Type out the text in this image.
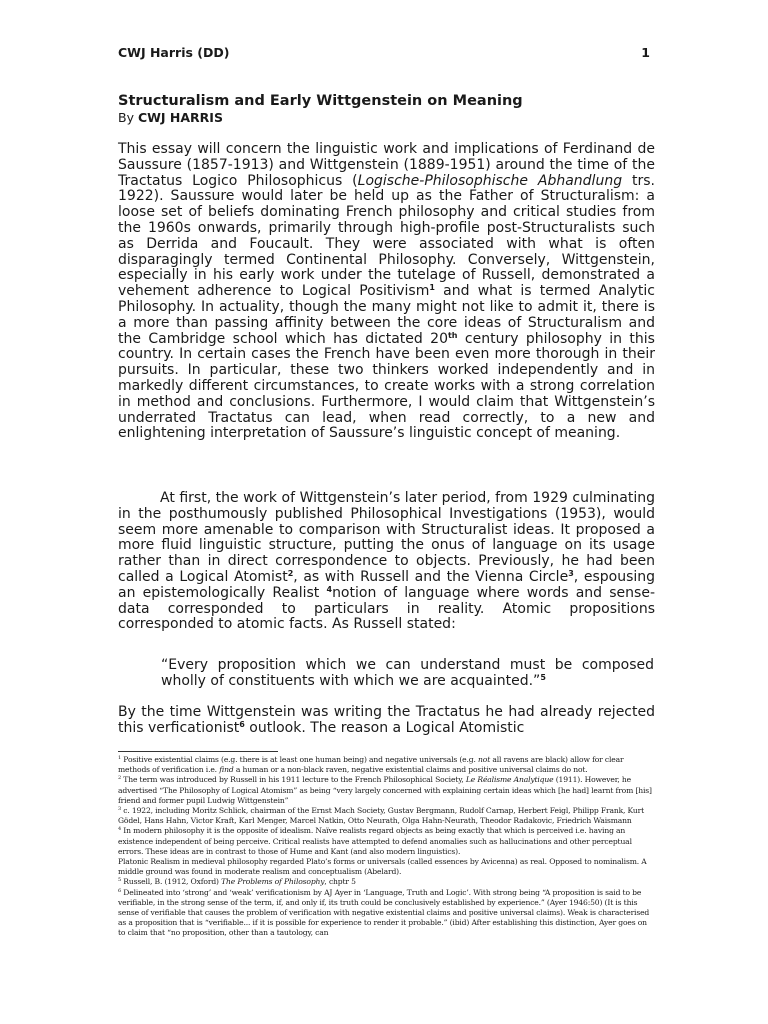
CWJ Harris (DD)	1
Structuralism and Early Wittgenstein on Meaning
By CWJ HARRIS

This essay will concern the linguistic work and implications of Ferdinand de Saussure (1857-1913) and Wittgenstein (1889-1951) around the time of the Tractatus Logico Philosophicus (Logische-Philosophische Abhandlung trs. 1922). Saussure would later be held up as the Father of Structuralism: a loose set of beliefs dominating French philosophy and critical studies from the 1960s onwards, primarily through high-profile post-Structuralists such as Derrida and Foucault. They were associated with what is often disparagingly termed Continental Philosophy. Conversely, Wittgenstein, especially in his early work under the tutelage of Russell, demonstrated a vehement adherence to Logical Positivism$^1$ and what is termed Analytic Philosophy. In actuality, though the many might not like to admit it, there is a more than passing affinity between the core ideas of Structuralism and the Cambridge school which has dictated 20th century philosophy in this country. In certain cases the French have been even more thorough in their pursuits. In particular, these two thinkers worked independently and in markedly different circumstances, to create works with a strong correlation in method and conclusions. Furthermore, I would claim that Wittgenstein’s underrated Tractatus can lead, when read correctly, to a new and enlightening interpretation of Saussure’s linguistic concept of meaning.

At first, the work of Wittgenstein’s later period, from 1929 culminating in the posthumously published Philosophical Investigations (1953), would seem more amenable to comparison with Structuralist ideas. It proposed a more fluid linguistic structure, putting the onus of language on its usage rather than in direct correspondence to objects. Previously, he had been called a Logical Atomist$^2$, as with Russell and the Vienna Circle$^3$, espousing an epistemologically Realist $^4$notion of language where words and sense-data corresponded to particulars in reality. Atomic propositions corresponded to atomic facts. As Russell stated:

“Every proposition which we can understand must be composed wholly of constituents with which we are acquainted.”$^5$

By the time Wittgenstein was writing the Tractatus he had already rejected this verficationist$^6$ outlook. The reason a Logical Atomistic

$^1$ Positive existential claims (e.g. there is at least one human being) and negative universals (e.g. not all ravens are black) allow for clear methods of verification i.e. find a human or a non-black raven, negative existential claims and positive universal claims do not.

$^2$ The term was introduced by Russell in his 1911 lecture to the French Philosophical Society, Le Réalisme Analytique (1911). However, he advertised “The Philosophy of Logical Atomism” as being “very largely concerned with explaining certain ideas which [he had] learnt from [his] friend and former pupil Ludwig Wittgenstein”

$^3$ c. 1922, including Moritz Schlick, chairman of the Ernst Mach Society, Gustav Bergmann, Rudolf Carnap, Herbert Feigl, Philipp Frank, Kurt Gödel, Hans Hahn, Victor Kraft, Karl Menger, Marcel Natkin, Otto Neurath, Olga Hahn-Neurath, Theodor Radakovic, Friedrich Waismann

$^4$ In modern philosophy it is the opposite of idealism. Naïve realists regard objects as being exactly that which is perceived i.e. having an existence independent of being perceive. Critical realists have attempted to defend anomalies such as hallucinations and other perceptual errors. These ideas are in contrast to those of Hume and Kant (and also modern linguistics).

Platonic Realism in medieval philosophy regarded Plato’s forms or universals (called essences by Avicenna) as real. Opposed to nominalism. A middle ground was found in moderate realism and conceptualism (Abelard).

$^5$ Russell, B. (1912, Oxford) The Problems of Philosophy, chptr 5

$^6$ Delineated into ‘strong’ and ‘weak’ verificationism by AJ Ayer in ‘Language, Truth and Logic’. With strong being “A proposition is said to be verifiable, in the strong sense of the term, if, and only if, its truth could be conclusively established by experience.” (Ayer 1946:50) (It is this sense of verifiable that causes the problem of verification with negative existential claims and positive universal claims). Weak is characterised as a proposition that is “verifiable... if it is possible for experience to render it probable.” (ibid) After establishing this distinction, Ayer goes on to claim that “no proposition, other than a tautology, can
